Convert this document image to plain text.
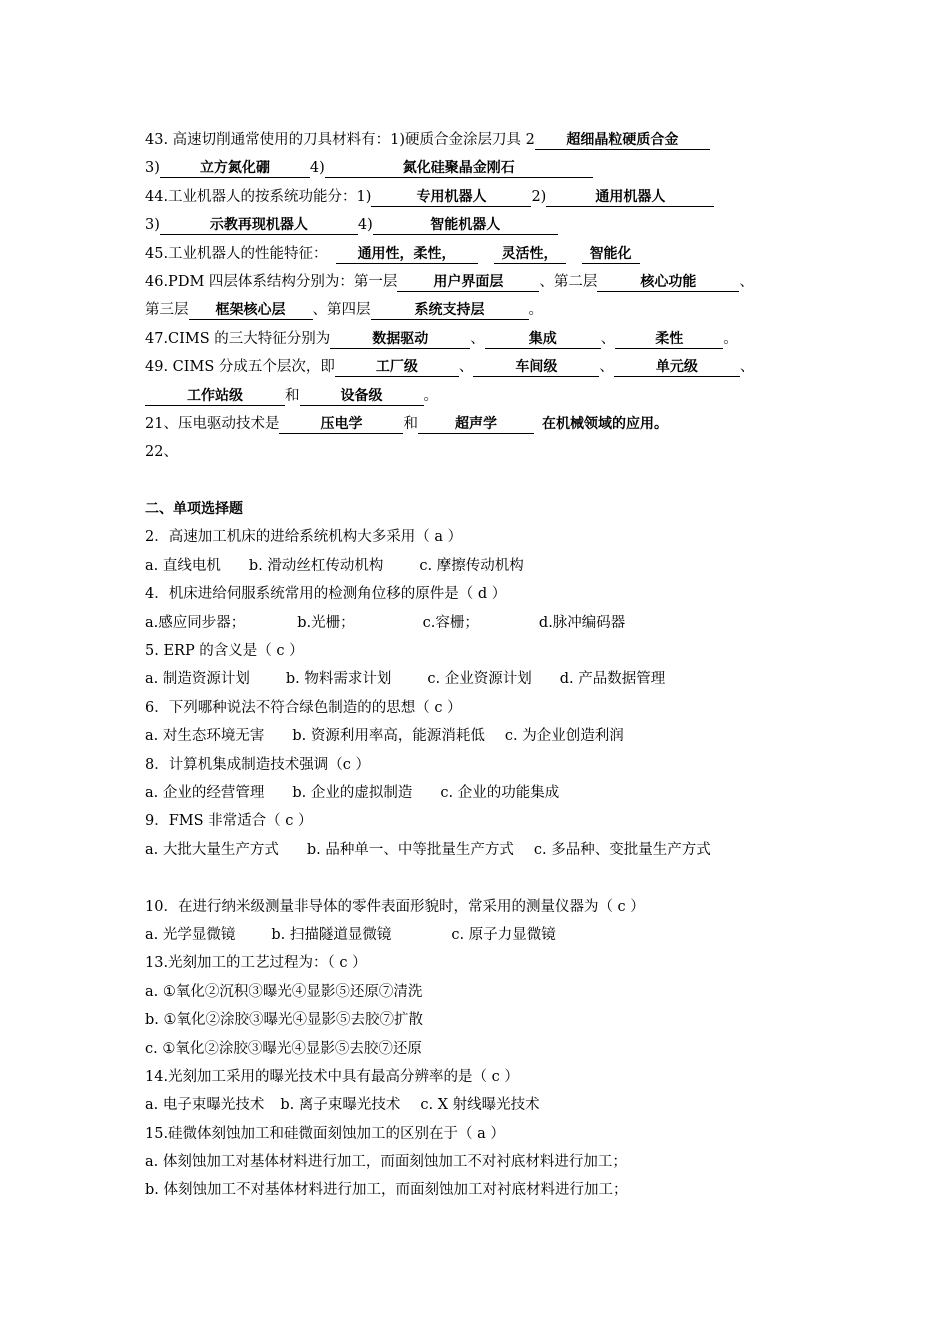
43. 高速切削通常使用的刀具材料有：1)硬质合金涂层刀具 2 超细晶粒硬质合金
3)	立方氮化硼	4)	氮化硅聚晶金刚石
44.工业机器人的按系统功能分：1)	专用机器人	2)	通用机器人
3)	示教再现机器人	4)	智能机器人
45.工业机器人的性能特征： 通用性，柔性，	灵活性， 智能化
46.PDM 四层体系结构分别为：第一层	用户界面层 、第二层	核心功能	、
第三层 框架核心层 、第四层	系统支持层	。
47.CIMS 的三大特征分别为	数据驱动	、	集成	、	柔性	。
49. CIMS 分成五个层次，即	工厂级	、	车间级	、	单元级	、
工作站级	和	设备级	。
21、压电驱动技术是	压电学	和	超声学	在机械领域的应用。
22、
二、单项选择题
2．高速加工机床的进给系统机构大多采用（ a ）
a. 直线电机 b. 滑动丝杠传动机构 c. 摩擦传动机构
4．机床进给伺服系统常用的检测角位移的原件是（ d ）
a.感应同步器；	b.光栅；	c.容栅；	d.脉冲编码器
5. ERP 的含义是（ c ）
a. 制造资源计划 b. 物料需求计划 c. 企业资源计划 d. 产品数据管理
6．下列哪种说法不符合绿色制造的的思想（ c ）
a. 对生态环境无害 b. 资源利用率高，能源消耗低 c. 为企业创造利润
8．计算机集成制造技术强调（c ）
a. 企业的经营管理 b. 企业的虚拟制造 c. 企业的功能集成
9．FMS 非常适合（ c ）
a. 大批大量生产方式 b. 品种单一、中等批量生产方式 c. 多品种、变批量生产方式
10．在进行纳米级测量非导体的零件表面形貌时，常采用的测量仪器为（ c ）
a. 光学显微镜 b. 扫描隧道显微镜	c. 原子力显微镜
13.光刻加工的工艺过程为：（ c ）
a. ①氧化②沉积③曝光④显影⑤还原⑦清洗
b. ①氧化②涂胶③曝光④显影⑤去胶⑦扩散
c. ①氧化②涂胶③曝光④显影⑤去胶⑦还原
14.光刻加工采用的曝光技术中具有最高分辨率的是（ c ）
a. 电子束曝光技术 b. 离子束曝光技术 c. X 射线曝光技术
15.硅微体刻蚀加工和硅微面刻蚀加工的区别在于（ a ）
a. 体刻蚀加工对基体材料进行加工，而面刻蚀加工不对衬底材料进行加工；
b. 体刻蚀加工不对基体材料进行加工，而面刻蚀加工对衬底材料进行加工；
